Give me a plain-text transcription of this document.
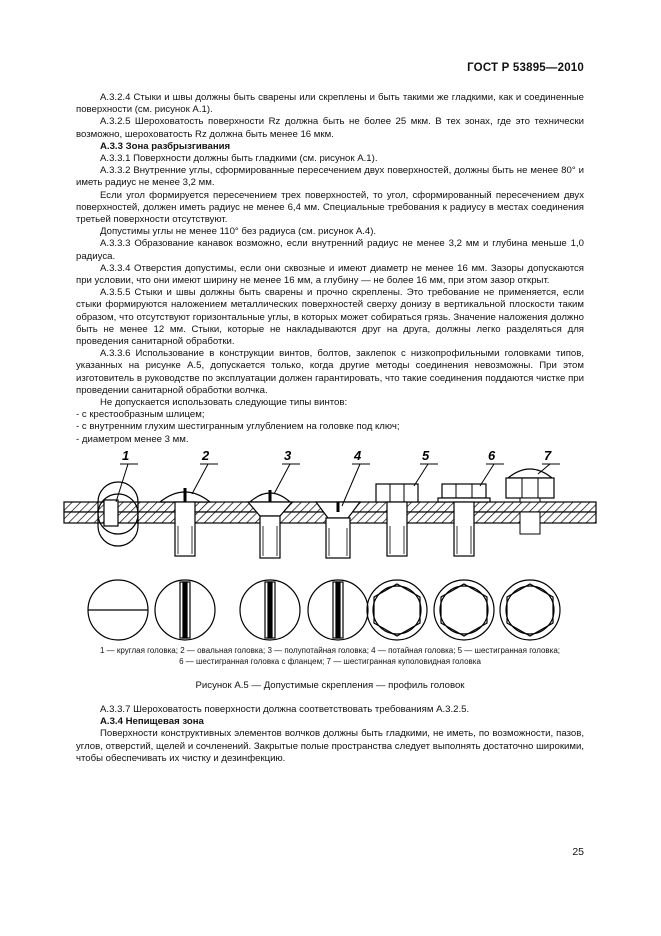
ГОСТ Р 53895—2010

А.3.2.4 Стыки и швы должны быть сварены или скреплены и быть такими же гладкими, как и соединенные поверхности (см. рисунок А.1).

А.3.2.5 Шероховатость поверхности Rz должна быть не более 25 мкм. В тех зонах, где это технически возможно, шероховатость Rz должна быть менее 16 мкм.

А.3.3 Зона разбрызгивания

А.3.3.1 Поверхности должны быть гладкими (см. рисунок А.1).

А.3.3.2 Внутренние углы, сформированные пересечением двух поверхностей, должны быть не менее 80° и иметь радиус не менее 3,2 мм.

Если угол формируется пересечением трех поверхностей, то угол, сформированный пересечением двух поверхностей, должен иметь радиус не менее 6,4 мм. Специальные требования к радиусу в местах соединения третьей поверхности отсутствуют.

Допустимы углы не менее 110° без радиуса (см. рисунок А.4).

А.3.3.3 Образование канавок возможно, если внутренний радиус не менее 3,2 мм и глубина меньше 1,0 радиуса.

А.3.3.4 Отверстия допустимы, если они сквозные и имеют диаметр не менее 16 мм. Зазоры допускаются при условии, что они имеют ширину не менее 16 мм, а глубину — не более 16 мм, при этом зазор открыт.

А.3.5.5 Стыки и швы должны быть сварены и прочно скреплены. Это требование не применяется, если стыки формируются наложением металлических поверхностей сверху донизу в вертикальной плоскости таким образом, что отсутствуют горизонтальные углы, в которых может собираться грязь. Значение наложения должно быть не менее 12 мм. Стыки, которые не накладываются друг на друга, должны легко разделяться для проведения санитарной обработки.

А.3.3.6 Использование в конструкции винтов, болтов, заклепок с низкопрофильными головками типов, указанных на рисунке А.5, допускается только, когда другие методы соединения невозможны. При этом изготовитель в руководстве по эксплуатации должен гарантировать, что такие соединения поддаются чистке при проведении санитарной обработки волчка.

Не допускается использовать следующие типы винтов:

- с крестообразным шлицем;

- с внутренним глухим шестигранным углублением на головке под ключ;

- диаметром менее 3 мм.

1	2	3	4	5	6	7
1 — круглая головка; 2 — овальная головка; 3 — полупотайная головка; 4 — потайная головка; 5 — шестигранная головка;
6 — шестигранная головка с фланцем; 7 — шестигранная куполовидная головка
Рисунок А.5 — Допустимые скрепления — профиль головок

А.3.3.7 Шероховатость поверхности должна соответствовать требованиям А.3.2.5.

А.3.4 Непищевая зона

Поверхности конструктивных элементов волчков должны быть гладкими, не иметь, по возможности, пазов, углов, отверстий, щелей и сочленений. Закрытые полые пространства следует выполнять достаточно широкими, чтобы обеспечивать их чистку и дезинфекцию.

25
